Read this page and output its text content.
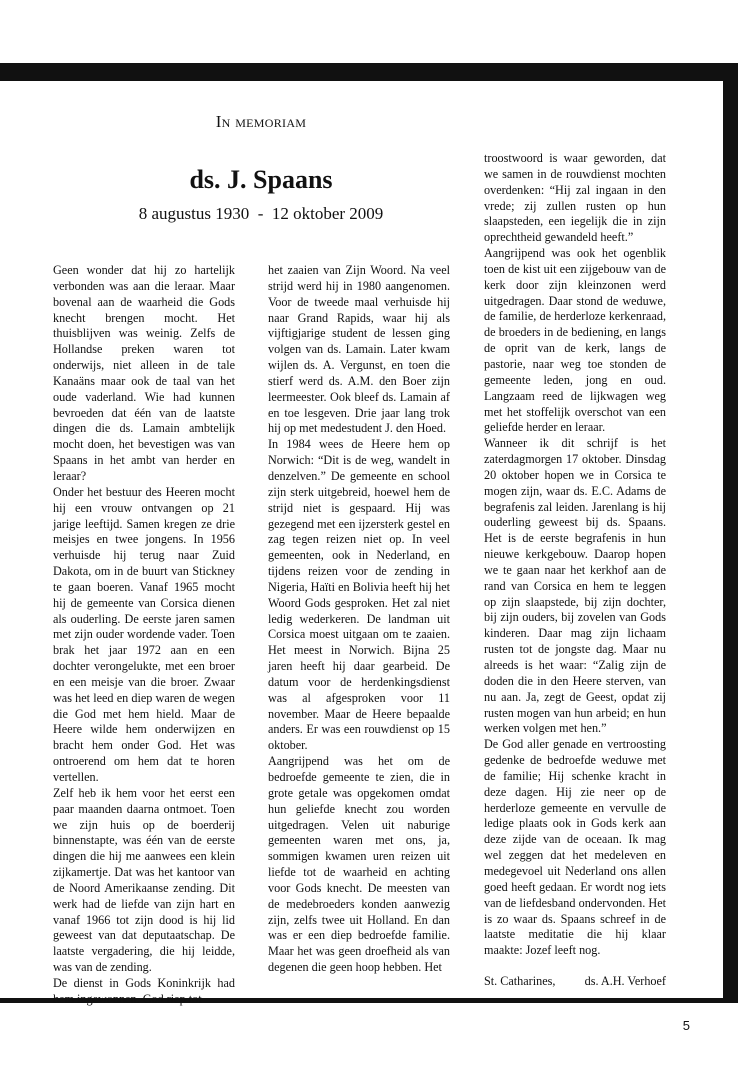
In memoriam
ds. J. Spaans
8 augustus 1930  -  12 oktober 2009

Geen wonder dat hij zo hartelijk verbonden was aan die leraar. Maar bovenal aan de waarheid die Gods knecht brengen mocht. Het thuisblijven was weinig. Zelfs de Hollandse preken waren tot onderwijs, niet alleen in de tale Kanaäns maar ook de taal van het oude vaderland. Wie had kunnen bevroeden dat één van de laatste dingen die ds. Lamain ambtelijk mocht doen, het bevestigen was van Spaans in het ambt van herder en leraar?

Onder het bestuur des Heeren mocht hij een vrouw ontvangen op 21 jarige leeftijd. Samen kregen ze drie meisjes en twee jongens. In 1956 verhuisde hij terug naar Zuid Dakota, om in de buurt van Stickney te gaan boeren. Vanaf 1965 mocht hij de gemeente van Corsica dienen als ouderling. De eerste jaren samen met zijn ouder wordende vader. Toen brak het jaar 1972 aan en een dochter verongelukte, met een broer en een meisje van die broer. Zwaar was het leed en diep waren de wegen die God met hem hield. Maar de Heere wilde hem onderwijzen en bracht hem onder God. Het was ontroerend om hem dat te horen vertellen.

Zelf heb ik hem voor het eerst een paar maanden daarna ontmoet. Toen we zijn huis op de boerderij binnenstapte, was één van de eerste dingen die hij me aanwees een klein zijkamertje. Dat was het kantoor van de Noord Amerikaanse zending. Dit werk had de liefde van zijn hart en vanaf 1966 tot zijn dood is hij lid geweest van dat deputaatschap. De laatste vergadering, die hij leidde, was van de zending.

De dienst in Gods Koninkrijk had hem ingewonnen. God riep tot

het zaaien van Zijn Woord. Na veel strijd werd hij in 1980 aangenomen. Voor de tweede maal verhuisde hij naar Grand Rapids, waar hij als vijftigjarige student de lessen ging volgen van ds. Lamain. Later kwam wijlen ds. A. Vergunst, en toen die stierf werd ds. A.M. den Boer zijn leermeester. Ook bleef ds. Lamain af en toe lesgeven. Drie jaar lang trok hij op met medestudent J. den Hoed.

In 1984 wees de Heere hem op Norwich: “Dit is de weg, wandelt in denzelven.” De gemeente en school zijn sterk uitgebreid, hoewel hem de strijd niet is gespaard. Hij was gezegend met een ijzersterk gestel en zag tegen reizen niet op. In veel gemeenten, ook in Nederland, en tijdens reizen voor de zending in Nigeria, Haïti en Bolivia heeft hij het Woord Gods gesproken. Het zal niet ledig wederkeren. De landman uit Corsica moest uitgaan om te zaaien. Het meest in Norwich. Bijna 25 jaren heeft hij daar gearbeid. De datum voor de herdenkingsdienst was al afgesproken voor 11 november. Maar de Heere bepaalde anders. Er was een rouwdienst op 15 oktober.

Aangrijpend was het om de bedroefde gemeente te zien, die in grote getale was opgekomen omdat hun geliefde knecht zou worden uitgedragen. Velen uit naburige gemeenten waren met ons, ja, sommigen kwamen uren reizen uit liefde tot de waarheid en achting voor Gods knecht. De meesten van de medebroeders konden aanwezig zijn, zelfs twee uit Holland. En dan was er een diep bedroefde familie. Maar het was geen droefheid als van degenen die geen hoop hebben. Het

troostwoord is waar geworden, dat we samen in de rouwdienst mochten overdenken: “Hij zal ingaan in den vrede; zij zullen rusten op hun slaapsteden, een iegelijk die in zijn oprechtheid gewandeld heeft.”

Aangrijpend was ook het ogenblik toen de kist uit een zijgebouw van de kerk door zijn kleinzonen werd uitgedragen. Daar stond de weduwe, de familie, de herderloze kerkenraad, de broeders in de bediening, en langs de oprit van de kerk, langs de pastorie, naar weg toe stonden de gemeente leden, jong en oud. Langzaam reed de lijkwagen weg met het stoffelijk overschot van een geliefde herder en leraar.

Wanneer ik dit schrijf is het zaterdagmorgen 17 oktober. Dinsdag 20 oktober hopen we in Corsica te mogen zijn, waar ds. E.C. Adams de begrafenis zal leiden. Jarenlang is hij ouderling geweest bij ds. Spaans. Het is de eerste begrafenis in hun nieuwe kerkgebouw. Daarop hopen we te gaan naar het kerkhof aan de rand van Corsica en hem te leggen op zijn slaapstede, bij zijn dochter, bij zijn ouders, bij zovelen van Gods kinderen. Daar mag zijn lichaam rusten tot de jongste dag. Maar nu alreeds is het waar: “Zalig zijn de doden die in den Heere sterven, van nu aan. Ja, zegt de Geest, opdat zij rusten mogen van hun arbeid; en hun werken volgen met hen.”

De God aller genade en vertroosting gedenke de bedroefde weduwe met de familie; Hij schenke kracht in deze dagen. Hij zie neer op de herderloze gemeente en vervulle de ledige plaats ook in Gods kerk aan deze zijde van de oceaan. Ik mag wel zeggen dat het medeleven en medegevoel uit Nederland ons allen goed heeft gedaan. Er wordt nog iets van de liefdesband ondervonden. Het is zo waar ds. Spaans schreef in de laatste meditatie die hij klaar maakte: Jozef leeft nog.

St. Catharines, ds. A.H. Verhoef
5
